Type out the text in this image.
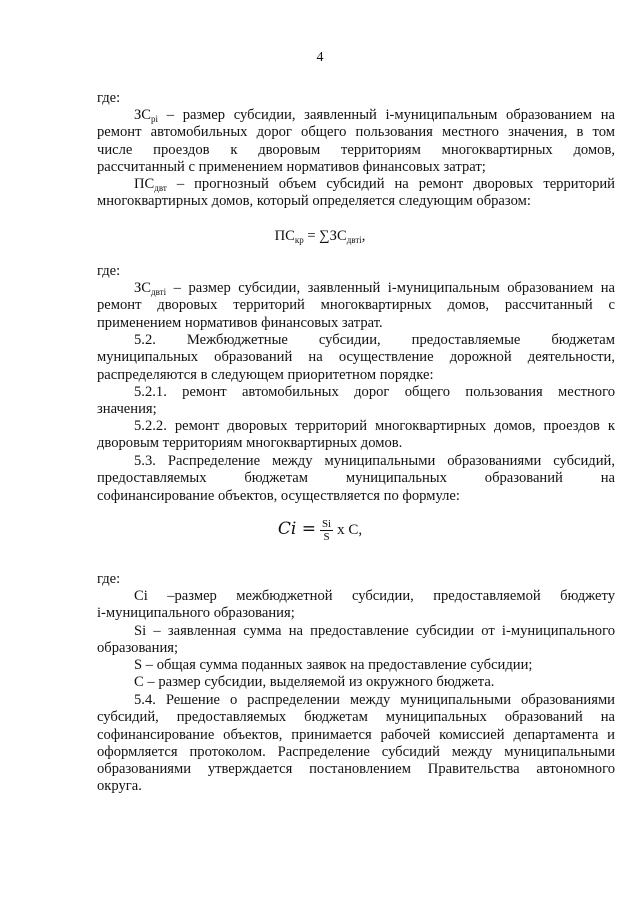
4
где:
$ЗС_{pi}$ – размер субсидии, заявленный i-муниципальным образованием на
ремонт автомобильных дорог общего пользования местного значения, в том
числе проездов к дворовым территориям многоквартирных домов,
рассчитанный с применением нормативов финансовых затрат;
$ПС_{двт}$ – прогнозный объем субсидий на ремонт дворовых территорий
многоквартирных домов, который определяется следующим образом:
$ПС_{кр} = \sum ЗС_{двті}$,
где:
$ЗС_{двті}$ – размер субсидии, заявленный i-муниципальным образованием на
ремонт дворовых территорий многоквартирных домов, рассчитанный с
применением нормативов финансовых затрат.
5.2. Межбюджетные субсидии, предоставляемые бюджетам
муниципальных образований на осуществление дорожной деятельности,
распределяются в следующем приоритетном порядке:
5.2.1. ремонт автомобильных дорог общего пользования местного
значения;
5.2.2. ремонт дворовых территорий многоквартирных домов, проездов к
дворовым территориям многоквартирных домов.
5.3. Распределение между муниципальными образованиями субсидий,
предоставляемых бюджетам муниципальных образований на
софинансирование объектов, осуществляется по формуле:
$Ci = \frac{Si}{S}$ x C,
где:
Ci –размер межбюджетной субсидии, предоставляемой бюджету
i-муниципального образования;
Si – заявленная сумма на предоставление субсидии от i-муниципального
образования;
S – общая сумма поданных заявок на предоставление субсидии;
С – размер субсидии, выделяемой из окружного бюджета.
5.4. Решение о распределении между муниципальными образованиями
субсидий, предоставляемых бюджетам муниципальных образований на
софинансирование объектов, принимается рабочей комиссией департамента и
оформляется протоколом. Распределение субсидий между муниципальными
образованиями утверждается постановлением Правительства автономного
округа.
